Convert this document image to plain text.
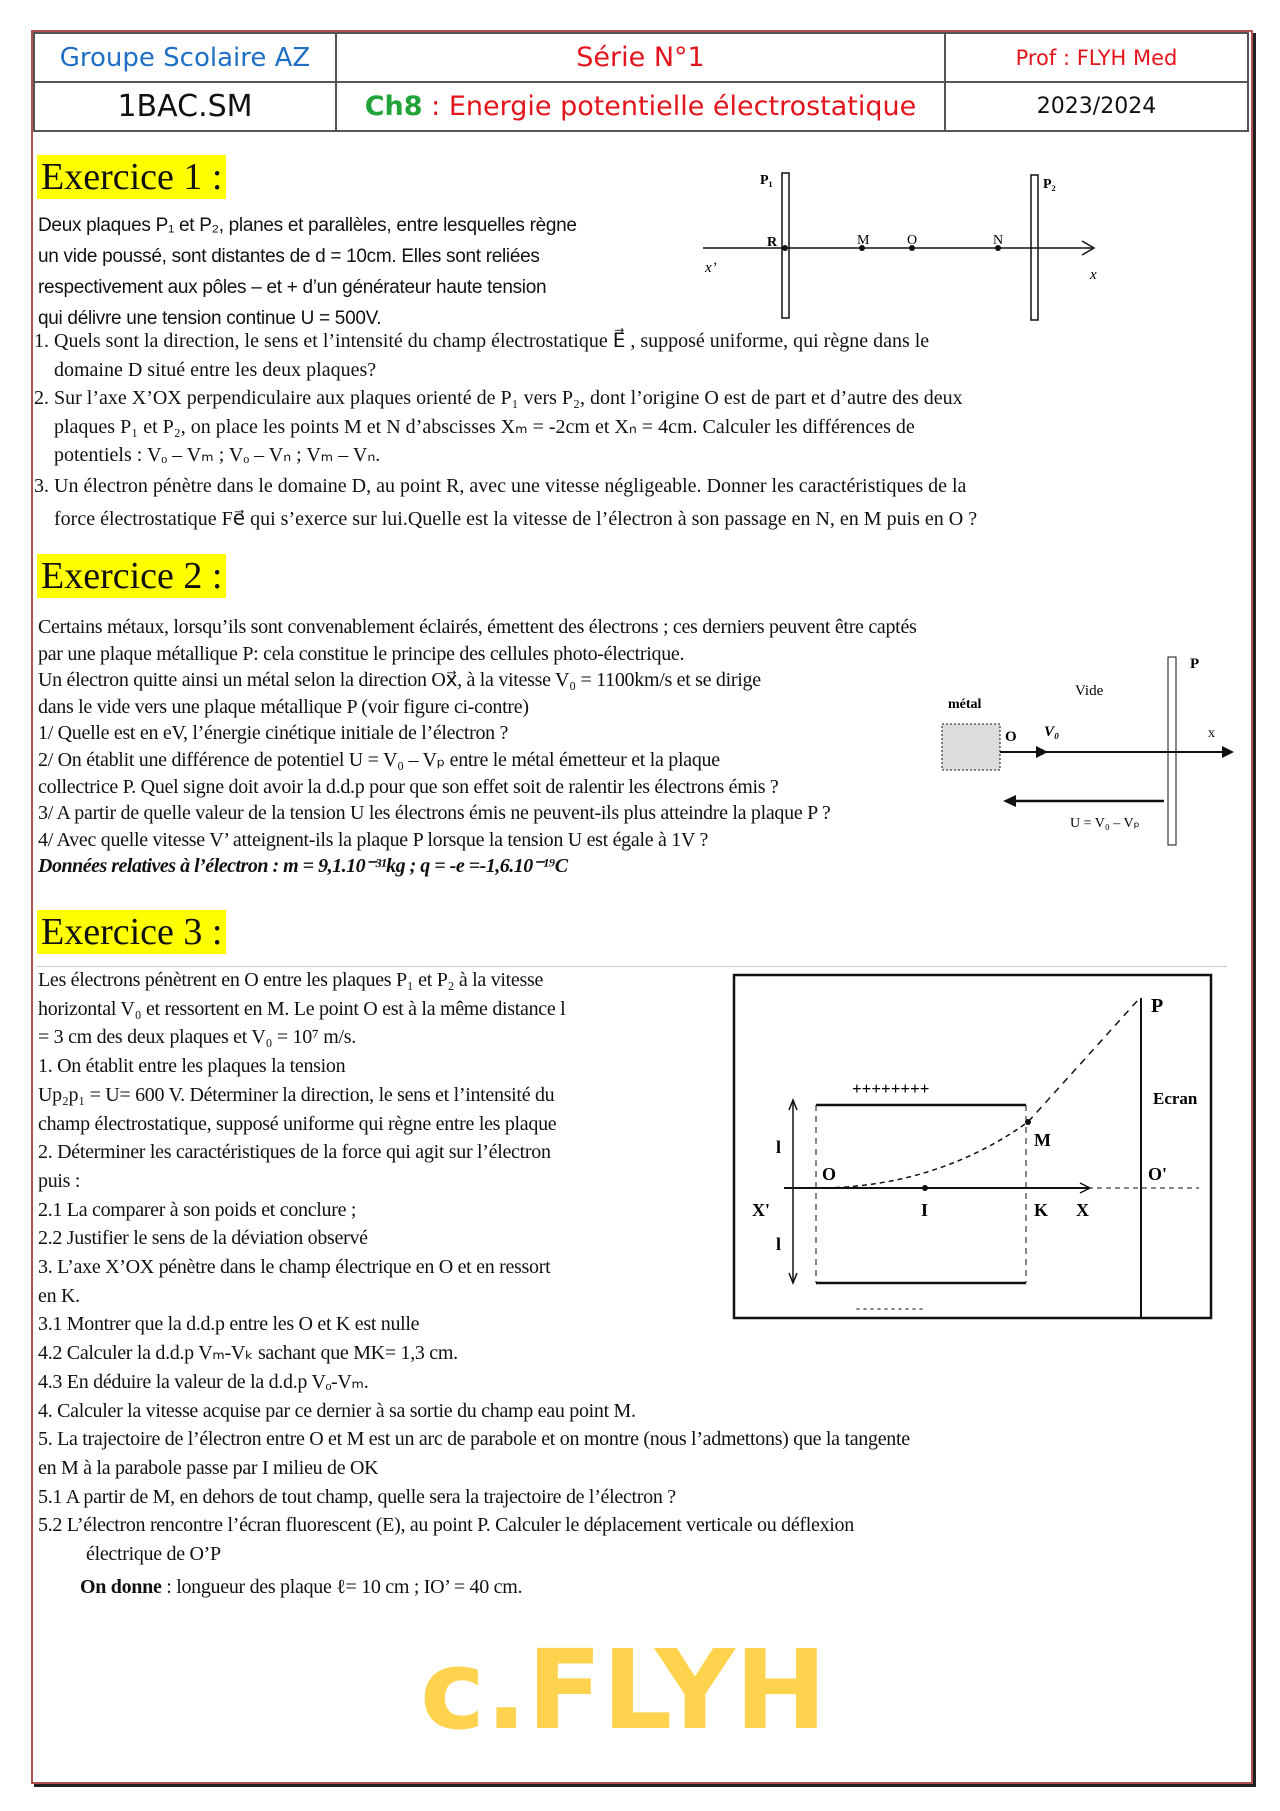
Groupe Scolaire AZ	Série N°1	Prof : FLYH Med
1BAC.SM	Ch8 : Energie potentielle électrostatique	2023/2024
c.FLYH
Exercice 1 :
Deux plaques P₁ et P₂, planes et parallèles, entre lesquelles règne
un vide poussé, sont distantes de d = 10cm. Elles sont reliées
respectivement aux pôles – et + d’un générateur haute tension
qui délivre une tension continue U = 500V.
1. Quels sont la direction, le sens et l’intensité du champ électrostatique E⃗ , supposé uniforme, qui règne dans le
domaine D situé entre les deux plaques?
2. Sur l’axe X’OX perpendiculaire aux plaques orienté de P₁ vers P₂, dont l’origine O est de part et d’autre des deux
plaques P₁ et P₂, on place les points M et N d’abscisses Xₘ = -2cm et Xₙ = 4cm. Calculer les différences de
potentiels : Vₒ – Vₘ ; Vₒ – Vₙ ; Vₘ – Vₙ.
3. Un électron pénètre dans le domaine D, au point R, avec une vitesse négligeable. Donner les caractéristiques de la
force électrostatique Fe⃗ qui s’exerce sur lui.Quelle est la vitesse de l’électron à son passage en N, en M puis en O ?
P₁	P₂
R	M	O	N
x’	x
Exercice 2 :
Certains métaux, lorsqu’ils sont convenablement éclairés, émettent des électrons ; ces derniers peuvent être captés
par une plaque métallique P: cela constitue le principe des cellules photo-électrique.
Un électron quitte ainsi un métal selon la direction Ox⃗, à la vitesse V₀ = 1100km/s et se dirige
dans le vide vers une plaque métallique P (voir figure ci-contre)
1/ Quelle est en eV, l’énergie cinétique initiale de l’électron ?
2/ On établit une différence de potentiel U = V₀ – Vₚ entre le métal émetteur et la plaque
collectrice P. Quel signe doit avoir la d.d.p pour que son effet soit de ralentir les électrons émis ?
3/ A partir de quelle valeur de la tension U les électrons émis ne peuvent-ils plus atteindre la plaque P ?
4/ Avec quelle vitesse V’ atteignent-ils la plaque P lorsque la tension U est égale à 1V ?
Données relatives à l’électron : m = 9,1.10⁻³¹kg ; q = -e =-1,6.10⁻¹⁹C
métal
O V₀
Vide
P
x
U = V₀ – Vₚ
Exercice 3 :
Les électrons pénètrent en O entre les plaques P₁ et P₂ à la vitesse
horizontal V₀ et ressortent en M. Le point O est à la même distance l
= 3 cm des deux plaques et V₀ = 10⁷ m/s.
1. On établit entre les plaques la tension
Up₂p₁ = U= 600 V. Déterminer la direction, le sens et l’intensité du
champ électrostatique, supposé uniforme qui règne entre les plaque
2. Déterminer les caractéristiques de la force qui agit sur l’électron
puis :
2.1 La comparer à son poids et conclure ;
2.2 Justifier le sens de la déviation observé
3. L’axe X’OX pénètre dans le champ électrique en O et en ressort
en K.
3.1 Montrer que la d.d.p entre les O et K est nulle
4.2 Calculer la d.d.p Vₘ-Vₖ sachant que MK= 1,3 cm.
4.3 En déduire la valeur de la d.d.p Vₒ-Vₘ.
4. Calculer la vitesse acquise par ce dernier à sa sortie du champ eau point M.
5. La trajectoire de l’électron entre O et M est un arc de parabole et on montre (nous l’admettons) que la tangente
en M à la parabole passe par I milieu de OK
5.1 A partir de M, en dehors de tout champ, quelle sera la trajectoire de l’électron ?
5.2 L’électron rencontre l’écran fluorescent (E), au point P. Calculer le déplacement verticale ou déflexion
électrique de O’P
On donne : longueur des plaque ℓ= 10 cm ; IO’ = 40 cm.
++++++++
- - - - - - - - - -
O	O'
I	K X
X'
M
P
Ecran
l
l
